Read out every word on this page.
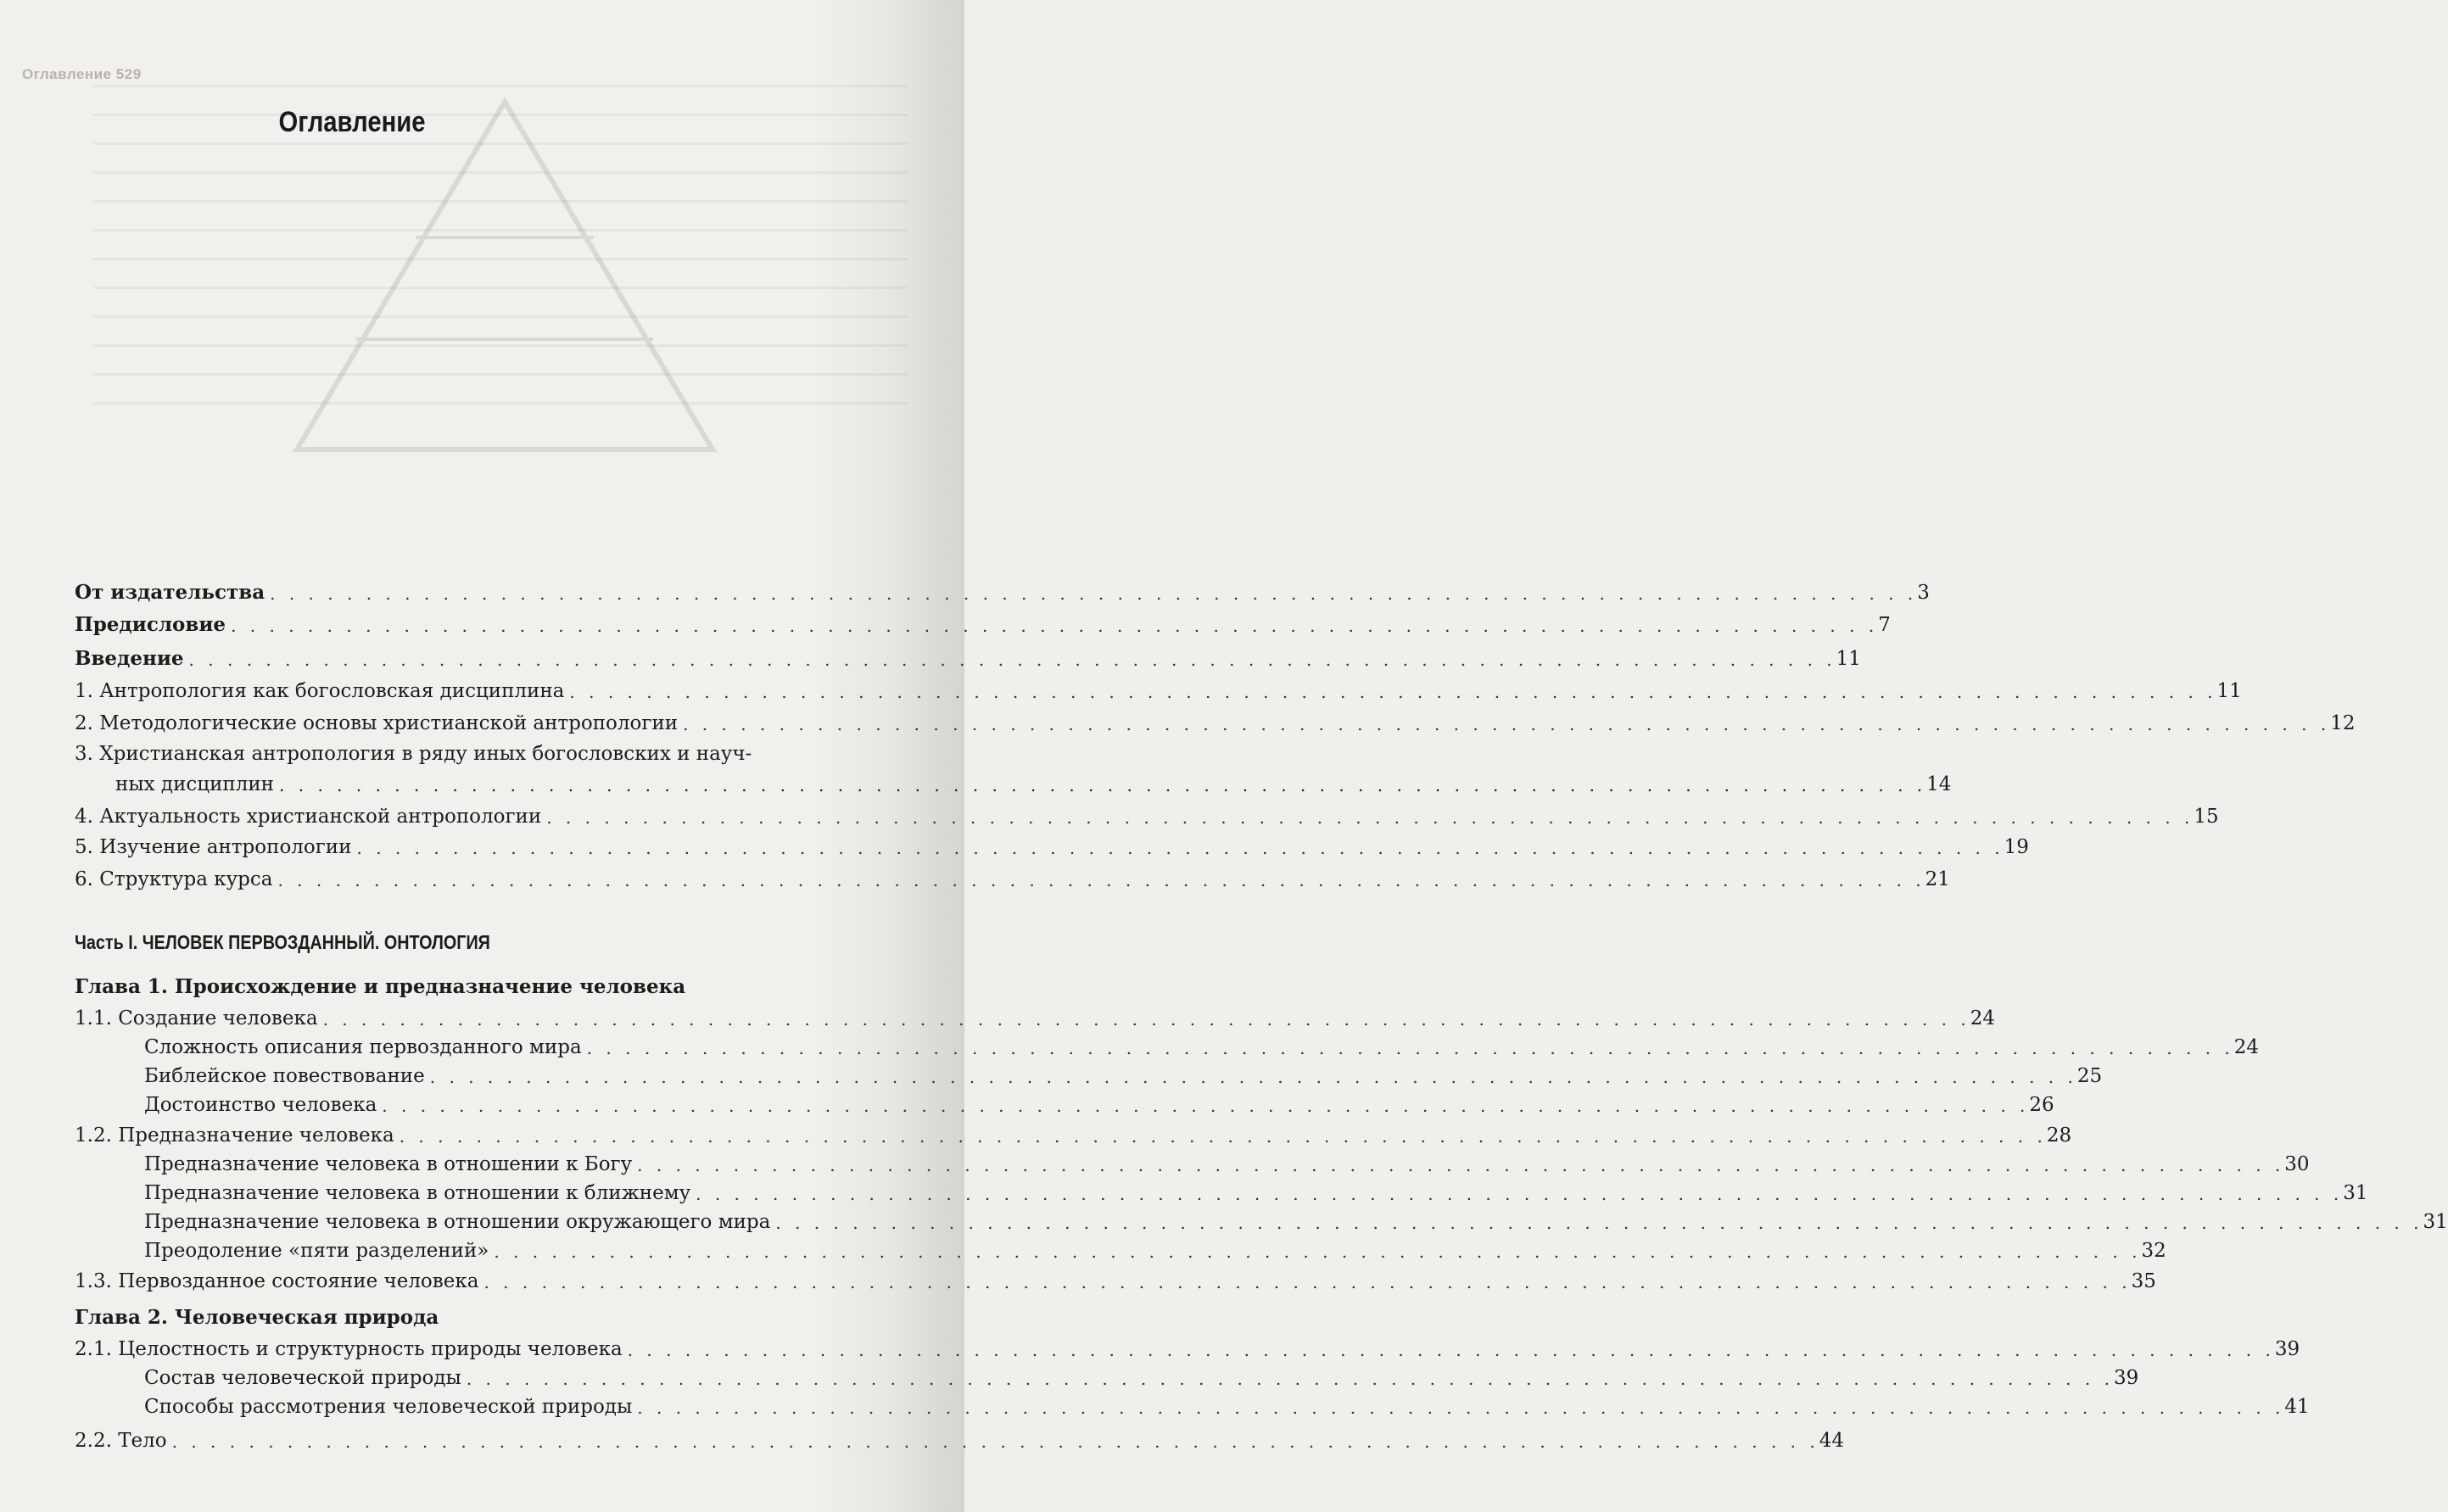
Оглавление 529
Оглавление
От издательства . . . . . . . . . . . . . . . . . . . . . . . . . . . . . . . . . . . . . . . . . . . . . . . . . . . . . . . . . . . . . . . . . . . . . . . . . . . . . . . . . . . . . . 3
Предисловие . . . . . . . . . . . . . . . . . . . . . . . . . . . . . . . . . . . . . . . . . . . . . . . . . . . . . . . . . . . . . . . . . . . . . . . . . . . . . . . . . . . . . . 7
Введение . . . . . . . . . . . . . . . . . . . . . . . . . . . . . . . . . . . . . . . . . . . . . . . . . . . . . . . . . . . . . . . . . . . . . . . . . . . . . . . . . . . . . . 11
1. Антропология как богословская дисциплина . . . . . . . . . . . . . . . . . . . . . . . . . . . . . . . . . . . . . . . . . . . . . . . . . . . . . . . . . . . . . . . . . . . . . . . . . . . . . . . . . . . . . . 11
2. Методологические основы христианской антропологии . . . . . . . . . . . . . . . . . . . . . . . . . . . . . . . . . . . . . . . . . . . . . . . . . . . . . . . . . . . . . . . . . . . . . . . . . . . . . . . . . . . . . . 12
3. Христианская антропология в ряду иных богословских и науч-
ных дисциплин . . . . . . . . . . . . . . . . . . . . . . . . . . . . . . . . . . . . . . . . . . . . . . . . . . . . . . . . . . . . . . . . . . . . . . . . . . . . . . . . . . . . . . 14
4. Актуальность христианской антропологии . . . . . . . . . . . . . . . . . . . . . . . . . . . . . . . . . . . . . . . . . . . . . . . . . . . . . . . . . . . . . . . . . . . . . . . . . . . . . . . . . . . . . . 15
5. Изучение антропологии . . . . . . . . . . . . . . . . . . . . . . . . . . . . . . . . . . . . . . . . . . . . . . . . . . . . . . . . . . . . . . . . . . . . . . . . . . . . . . . . . . . . . . 19
6. Структура курса . . . . . . . . . . . . . . . . . . . . . . . . . . . . . . . . . . . . . . . . . . . . . . . . . . . . . . . . . . . . . . . . . . . . . . . . . . . . . . . . . . . . . . 21
Часть I. ЧЕЛОВЕК ПЕРВОЗДАННЫЙ. ОНТОЛОГИЯ
Глава 1. Происхождение и предназначение человека
1.1. Создание человека . . . . . . . . . . . . . . . . . . . . . . . . . . . . . . . . . . . . . . . . . . . . . . . . . . . . . . . . . . . . . . . . . . . . . . . . . . . . . . . . . . . . . . 24
Сложность описания первозданного мира . . . . . . . . . . . . . . . . . . . . . . . . . . . . . . . . . . . . . . . . . . . . . . . . . . . . . . . . . . . . . . . . . . . . . . . . . . . . . . . . . . . . . . 24
Библейское повествование . . . . . . . . . . . . . . . . . . . . . . . . . . . . . . . . . . . . . . . . . . . . . . . . . . . . . . . . . . . . . . . . . . . . . . . . . . . . . . . . . . . . . . 25
Достоинство человека . . . . . . . . . . . . . . . . . . . . . . . . . . . . . . . . . . . . . . . . . . . . . . . . . . . . . . . . . . . . . . . . . . . . . . . . . . . . . . . . . . . . . . 26
1.2. Предназначение человека . . . . . . . . . . . . . . . . . . . . . . . . . . . . . . . . . . . . . . . . . . . . . . . . . . . . . . . . . . . . . . . . . . . . . . . . . . . . . . . . . . . . . . 28
Предназначение человека в отношении к Богу . . . . . . . . . . . . . . . . . . . . . . . . . . . . . . . . . . . . . . . . . . . . . . . . . . . . . . . . . . . . . . . . . . . . . . . . . . . . . . . . . . . . . . 30
Предназначение человека в отношении к ближнему . . . . . . . . . . . . . . . . . . . . . . . . . . . . . . . . . . . . . . . . . . . . . . . . . . . . . . . . . . . . . . . . . . . . . . . . . . . . . . . . . . . . . . 31
Предназначение человека в отношении окружающего мира . . . . . . . . . . . . . . . . . . . . . . . . . . . . . . . . . . . . . . . . . . . . . . . . . . . . . . . . . . . . . . . . . . . . . . . . . . . . . . . . . . . . . . 31
Преодоление «пяти разделений» . . . . . . . . . . . . . . . . . . . . . . . . . . . . . . . . . . . . . . . . . . . . . . . . . . . . . . . . . . . . . . . . . . . . . . . . . . . . . . . . . . . . . . 32
1.3. Первозданное состояние человека . . . . . . . . . . . . . . . . . . . . . . . . . . . . . . . . . . . . . . . . . . . . . . . . . . . . . . . . . . . . . . . . . . . . . . . . . . . . . . . . . . . . . . 35
Глава 2. Человеческая природа
2.1. Целостность и структурность природы человека . . . . . . . . . . . . . . . . . . . . . . . . . . . . . . . . . . . . . . . . . . . . . . . . . . . . . . . . . . . . . . . . . . . . . . . . . . . . . . . . . . . . . . 39
Состав человеческой природы . . . . . . . . . . . . . . . . . . . . . . . . . . . . . . . . . . . . . . . . . . . . . . . . . . . . . . . . . . . . . . . . . . . . . . . . . . . . . . . . . . . . . . 39
Способы рассмотрения человеческой природы . . . . . . . . . . . . . . . . . . . . . . . . . . . . . . . . . . . . . . . . . . . . . . . . . . . . . . . . . . . . . . . . . . . . . . . . . . . . . . . . . . . . . . 41
2.2. Тело . . . . . . . . . . . . . . . . . . . . . . . . . . . . . . . . . . . . . . . . . . . . . . . . . . . . . . . . . . . . . . . . . . . . . . . . . . . . . . . . . . . . . . 44
